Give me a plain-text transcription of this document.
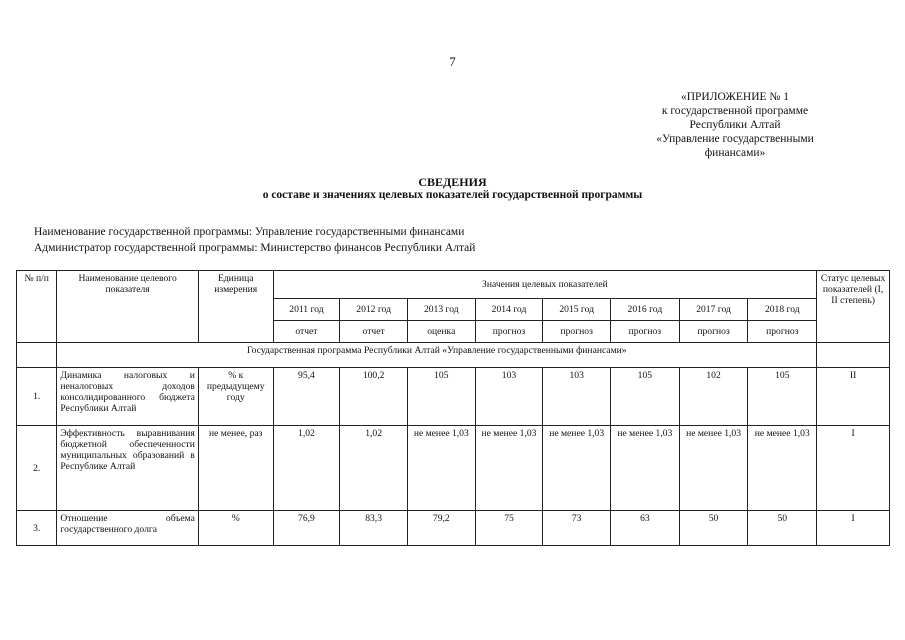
7
«ПРИЛОЖЕНИЕ № 1
к государственной программе
Республики Алтай
«Управление государственными
финансами»
СВЕДЕНИЯ
о составе и значениях целевых показателей государственной программы
Наименование государственной программы: Управление государственными финансами
Администратор государственной программы: Министерство финансов Республики Алтай
№ п/п	Наименование целевого показателя	Единица измерения	Значения целевых показателей								Статус целевых показателей (I, II степень)
			2011 год	2012 год	2013 год	2014 год	2015 год	2016 год	2017 год	2018 год	
			отчет	отчет	оценка	прогноз	прогноз	прогноз	прогноз	прогноз	
	Государственная программа Республики Алтай «Управление государственными финансами»										
1.	Динамика налоговых и неналоговых доходов консолидированного бюджета Республики Алтай	% к предыдущему году	95,4	100,2	105	103	103	105	102	105	II
2.	Эффективность выравнивания бюджетной обеспеченности муниципальных образований в Республике Алтай	не менее, раз	1,02	1,02	не менее 1,03	не менее 1,03	не менее 1,03	не менее 1,03	не менее 1,03	не менее 1,03	I
3.	Отношение объема государственного долга	%	76,9	83,3	79,2	75	73	63	50	50	I
